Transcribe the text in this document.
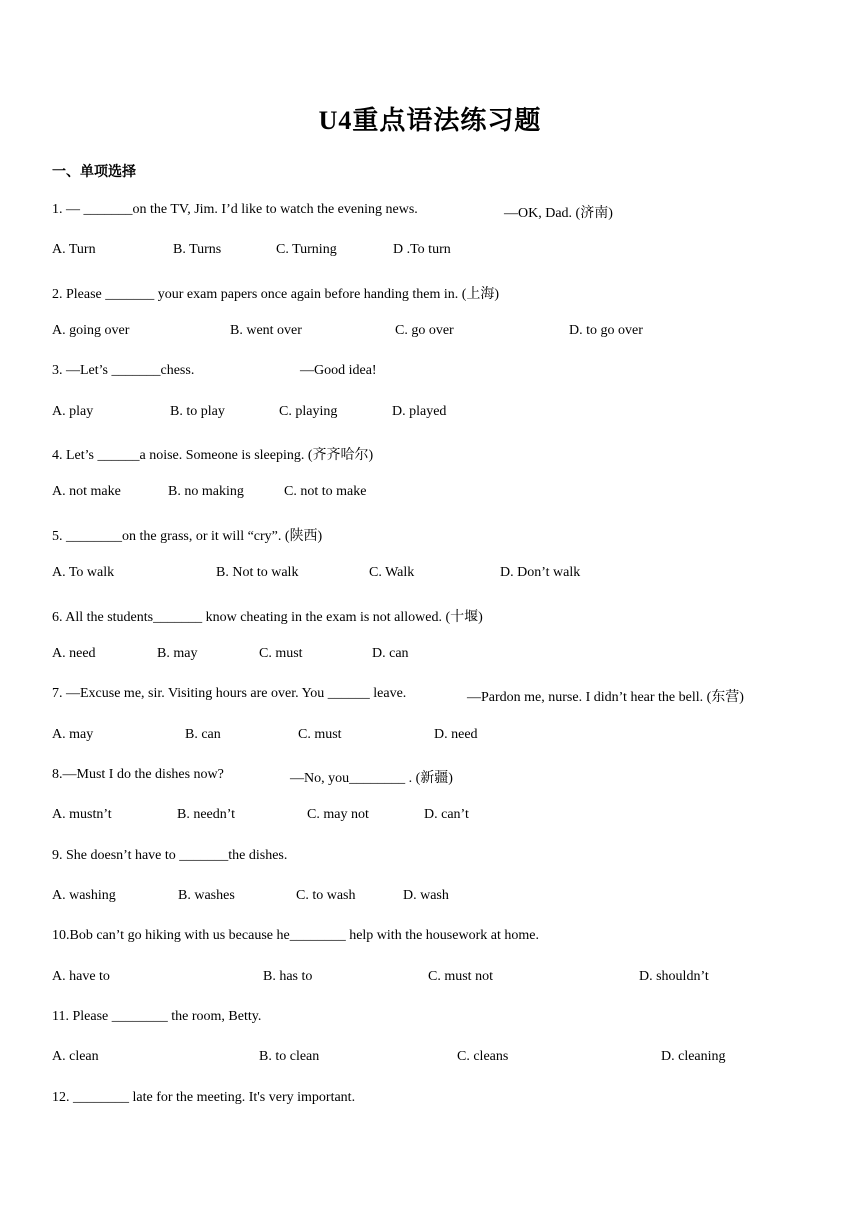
U4重点语法练习题
一、单项选择
1. — _______on the TV, Jim. I’d like to watch the evening news.	—OK, Dad. (济南)
A. Turn	B. Turns	C. Turning	D .To turn
2. Please _______ your exam papers once again before handing them in. (上海)
A. going over	B. went over	C. go over	D. to go over
3. —Let’s _______chess.	—Good idea!
A. play	B. to play	C. playing	D. played
4. Let’s ______a noise. Someone is sleeping. (齐齐哈尔)
A. not make	B. no making	C. not to make
5. ________on the grass, or it will “cry”. (陕西)
A. To walk	B. Not to walk	C. Walk	D. Don’t walk
6. All the students_______ know cheating in the exam is not allowed. (十堰)
A. need	B. may	C. must	D. can
7. —Excuse me, sir. Visiting hours are over. You ______ leave.	—Pardon me, nurse. I didn’t hear the bell. (东营)
A. may	B. can	C. must	D. need
8.—Must I do the dishes now?	—No, you________ . (新疆)
A. mustn’t	B. needn’t	C. may not	D. can’t
9. She doesn’t have to _______the dishes.
A. washing	B. washes	C. to wash	D. wash
10.Bob can’t go hiking with us because he________ help with the housework at home.
A. have to	B. has to	C. must not	D. shouldn’t
11. Please ________ the room, Betty.
A. clean	B. to clean	C. cleans	D. cleaning
12. ________ late for the meeting. It's very important.
